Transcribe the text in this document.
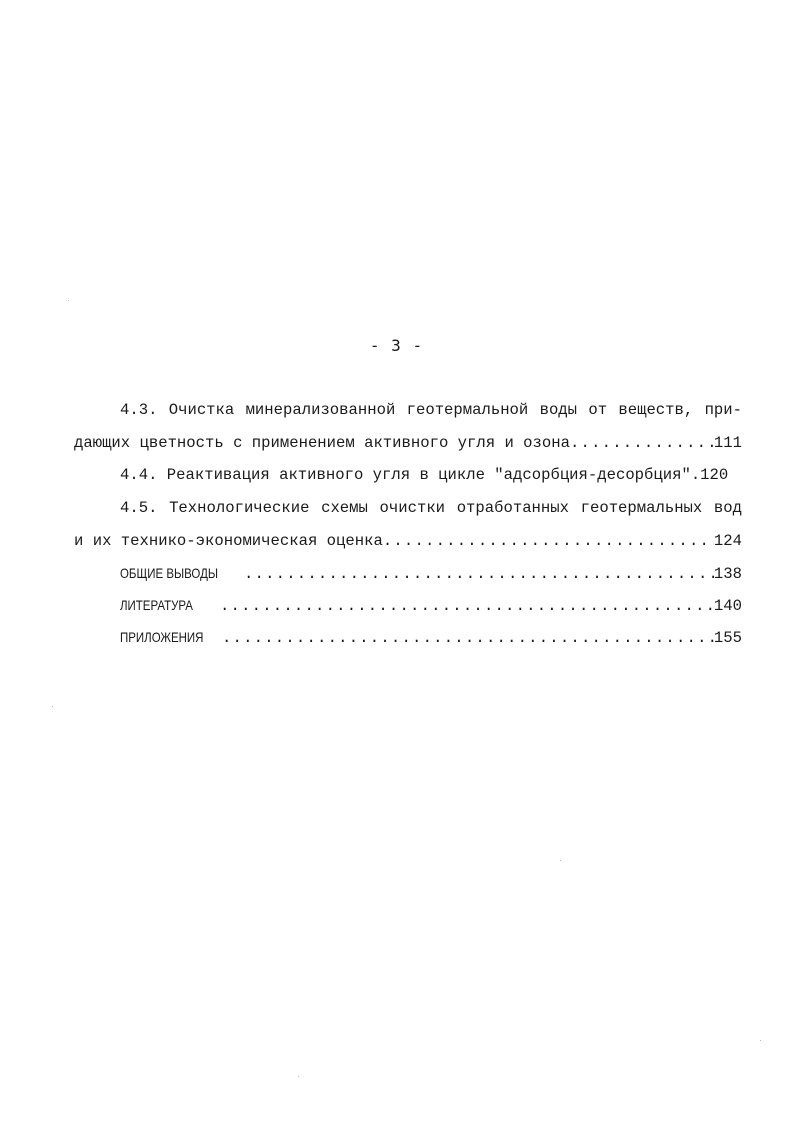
- 3 -
4.3. Очистка минерализованной геотермальной воды от веществ, при-
дающих цветность с применением активного угля и озона .....	111
4.4. Реактивация активного угля в цикле "адсорбция-десорбция".120
4.5. Технологические схемы очистки отработанных геотермальных вод
и их технико-экономическая оценка .....	124
ОБЩИЕ ВЫВОДЫ .....	138
ЛИТЕРАТУРА .....	140
ПРИЛОЖЕНИЯ .....	155
